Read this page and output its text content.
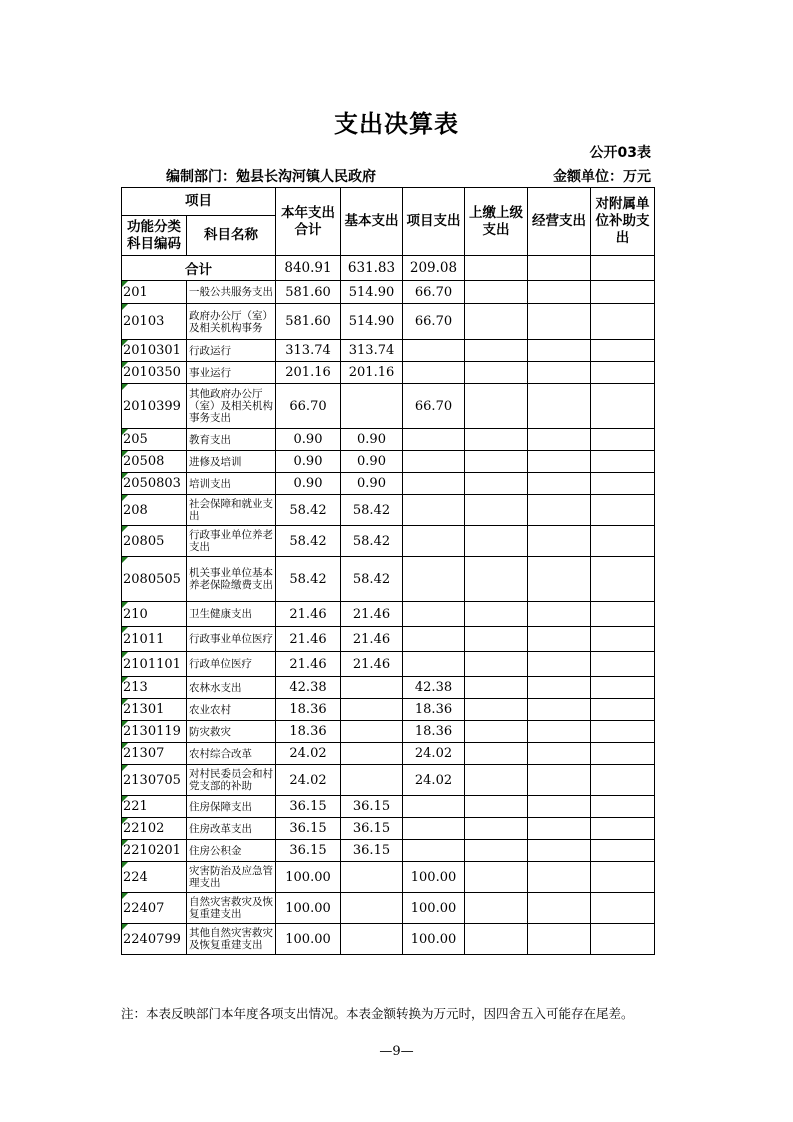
支出决算表
公开03表
编制部门：勉县长沟河镇人民政府	金额单位：万元
项目		本年支出合计	基本支出	项目支出	上缴上级支出	经营支出	对附属单位补助支出
功能分类科目编码	科目名称						
合计		840.91	631.83	209.08			
201	一般公共服务支出	581.60	514.90	66.70			
20103	政府办公厅（室）及相关机构事务	581.60	514.90	66.70			
2010301	行政运行	313.74	313.74				
2010350	事业运行	201.16	201.16				
2010399	其他政府办公厅（室）及相关机构事务支出	66.70		66.70			
205	教育支出	0.90	0.90				
20508	进修及培训	0.90	0.90				
2050803	培训支出	0.90	0.90				
208	社会保障和就业支出	58.42	58.42				
20805	行政事业单位养老支出	58.42	58.42				
2080505	机关事业单位基本养老保险缴费支出	58.42	58.42				
210	卫生健康支出	21.46	21.46				
21011	行政事业单位医疗	21.46	21.46				
2101101	行政单位医疗	21.46	21.46				
213	农林水支出	42.38		42.38			
21301	农业农村	18.36		18.36			
2130119	防灾救灾	18.36		18.36			
21307	农村综合改革	24.02		24.02			
2130705	对村民委员会和村党支部的补助	24.02		24.02			
221	住房保障支出	36.15	36.15				
22102	住房改革支出	36.15	36.15				
2210201	住房公积金	36.15	36.15				
224	灾害防治及应急管理支出	100.00		100.00			
22407	自然灾害救灾及恢复重建支出	100.00		100.00			
2240799	其他自然灾害救灾及恢复重建支出	100.00		100.00			
注：本表反映部门本年度各项支出情况。本表金额转换为万元时，因四舍五入可能存在尾差。
—9—
